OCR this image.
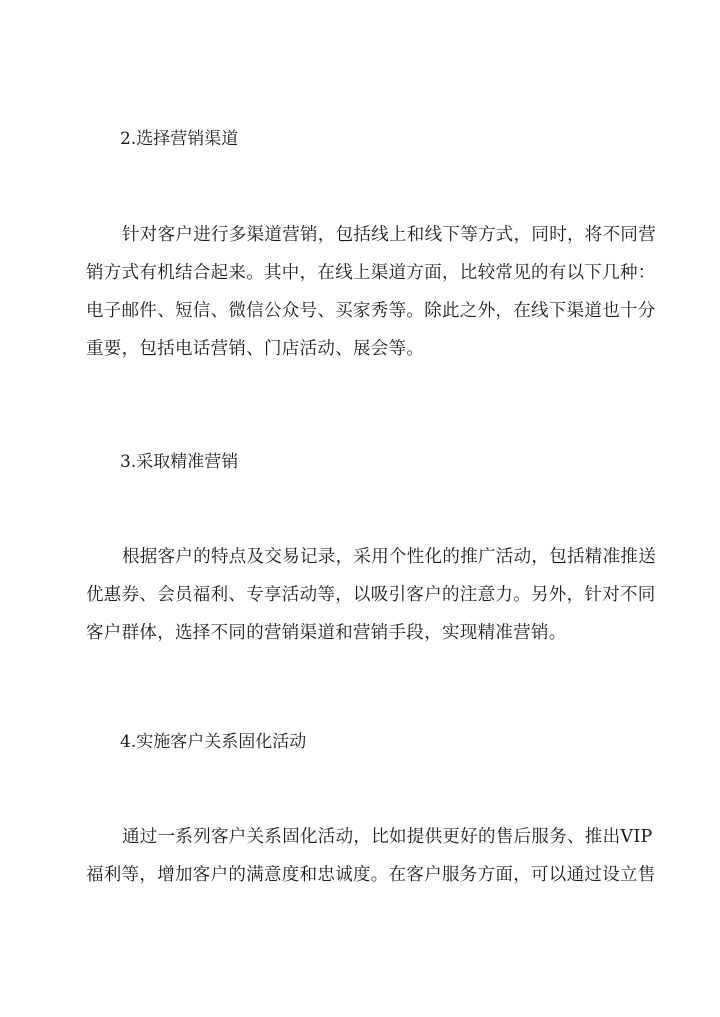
2.选择营销渠道
针对客户进行多渠道营销，包括线上和线下等方式，同时，将不同营
销方式有机结合起来。其中，在线上渠道方面，比较常见的有以下几种：
电子邮件、短信、微信公众号、买家秀等。除此之外，在线下渠道也十分
重要，包括电话营销、门店活动、展会等。
3.采取精准营销
根据客户的特点及交易记录，采用个性化的推广活动，包括精准推送
优惠券、会员福利、专享活动等，以吸引客户的注意力。另外，针对不同
客户群体，选择不同的营销渠道和营销手段，实现精准营销。
4.实施客户关系固化活动
通过一系列客户关系固化活动，比如提供更好的售后服务、推出VIP
福利等，增加客户的满意度和忠诚度。在客户服务方面，可以通过设立售
